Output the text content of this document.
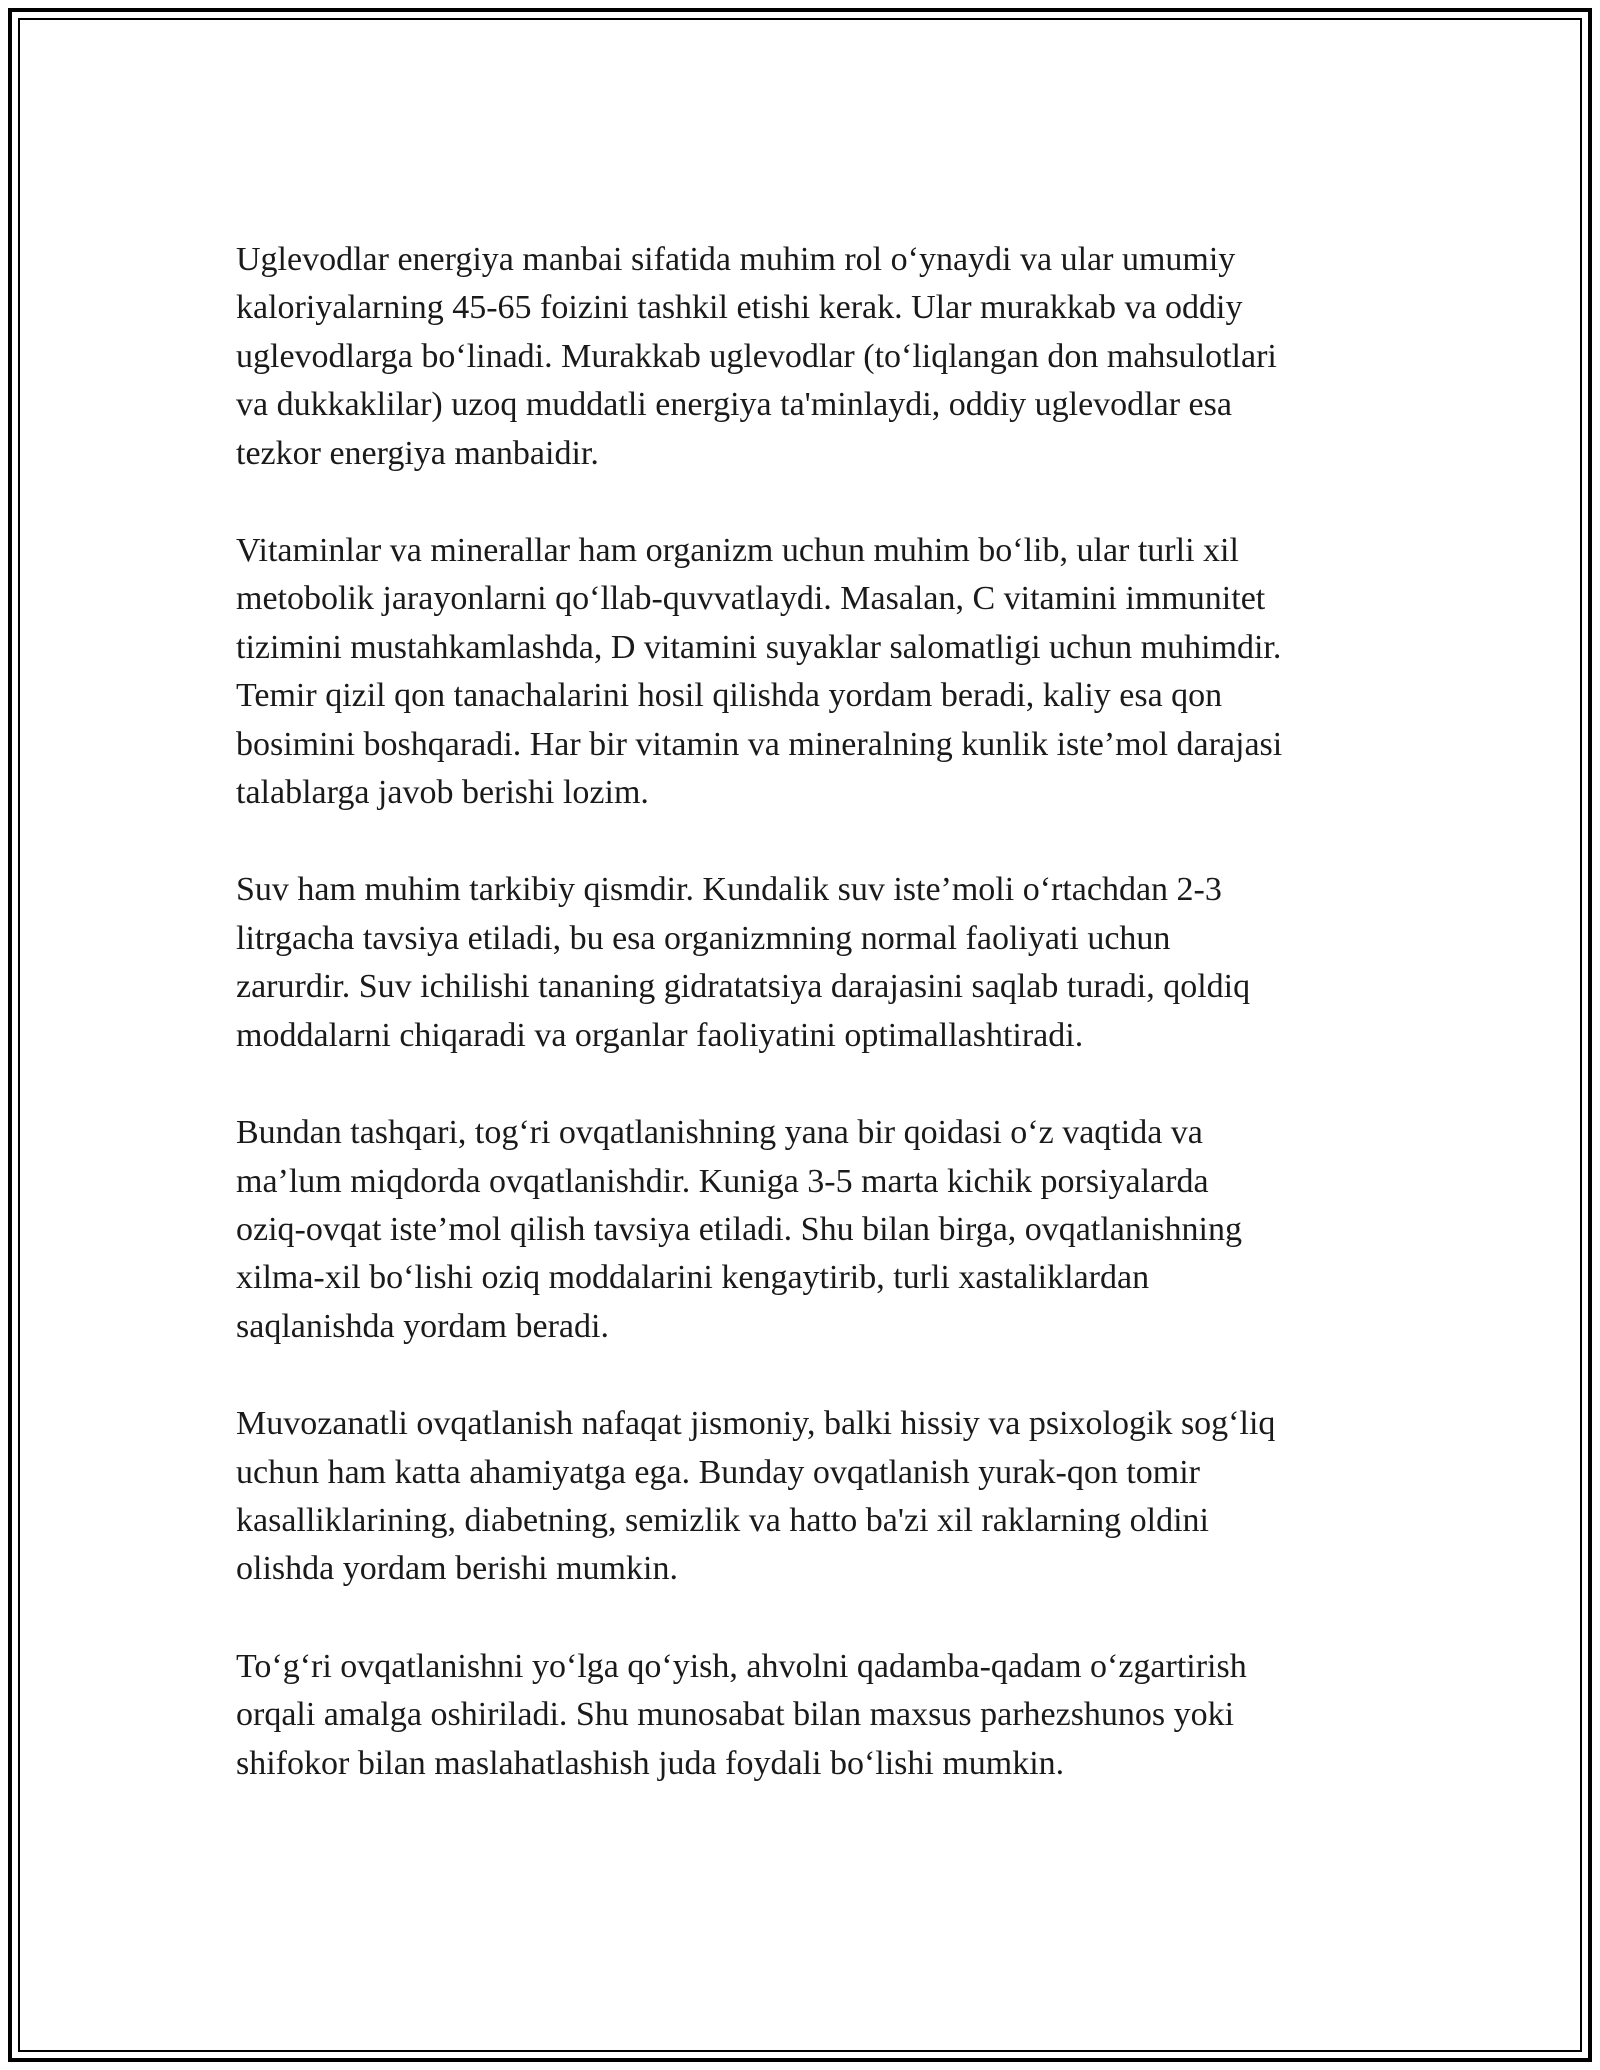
Uglevodlar energiya manbai sifatida muhim rol o‘ynaydi va ular umumiy
kaloriyalarning 45-65 foizini tashkil etishi kerak. Ular murakkab va oddiy
uglevodlarga bo‘linadi. Murakkab uglevodlar (to‘liqlangan don mahsulotlari
va dukkaklilar) uzoq muddatli energiya ta'minlaydi, oddiy uglevodlar esa
tezkor energiya manbaidir.

Vitaminlar va minerallar ham organizm uchun muhim bo‘lib, ular turli xil
metobolik jarayonlarni qo‘llab-quvvatlaydi. Masalan, C vitamini immunitet
tizimini mustahkamlashda, D vitamini suyaklar salomatligi uchun muhimdir.
Temir qizil qon tanachalarini hosil qilishda yordam beradi, kaliy esa qon
bosimini boshqaradi. Har bir vitamin va mineralning kunlik iste’mol darajasi
talablarga javob berishi lozim.

Suv ham muhim tarkibiy qismdir. Kundalik suv iste’moli o‘rtachdan 2-3
litrgacha tavsiya etiladi, bu esa organizmning normal faoliyati uchun
zarurdir. Suv ichilishi tananing gidratatsiya darajasini saqlab turadi, qoldiq
moddalarni chiqaradi va organlar faoliyatini optimallashtiradi.

Bundan tashqari, tog‘ri ovqatlanishning yana bir qoidasi o‘z vaqtida va
ma’lum miqdorda ovqatlanishdir. Kuniga 3-5 marta kichik porsiyalarda
oziq-ovqat iste’mol qilish tavsiya etiladi. Shu bilan birga, ovqatlanishning
xilma-xil bo‘lishi oziq moddalarini kengaytirib, turli xastaliklardan
saqlanishda yordam beradi.

Muvozanatli ovqatlanish nafaqat jismoniy, balki hissiy va psixologik sog‘liq
uchun ham katta ahamiyatga ega. Bunday ovqatlanish yurak-qon tomir
kasalliklarining, diabetning, semizlik va hatto ba'zi xil raklarning oldini
olishda yordam berishi mumkin.

To‘g‘ri ovqatlanishni yo‘lga qo‘yish, ahvolni qadamba-qadam o‘zgartirish
orqali amalga oshiriladi. Shu munosabat bilan maxsus parhezshunos yoki
shifokor bilan maslahatlashish juda foydali bo‘lishi mumkin.
